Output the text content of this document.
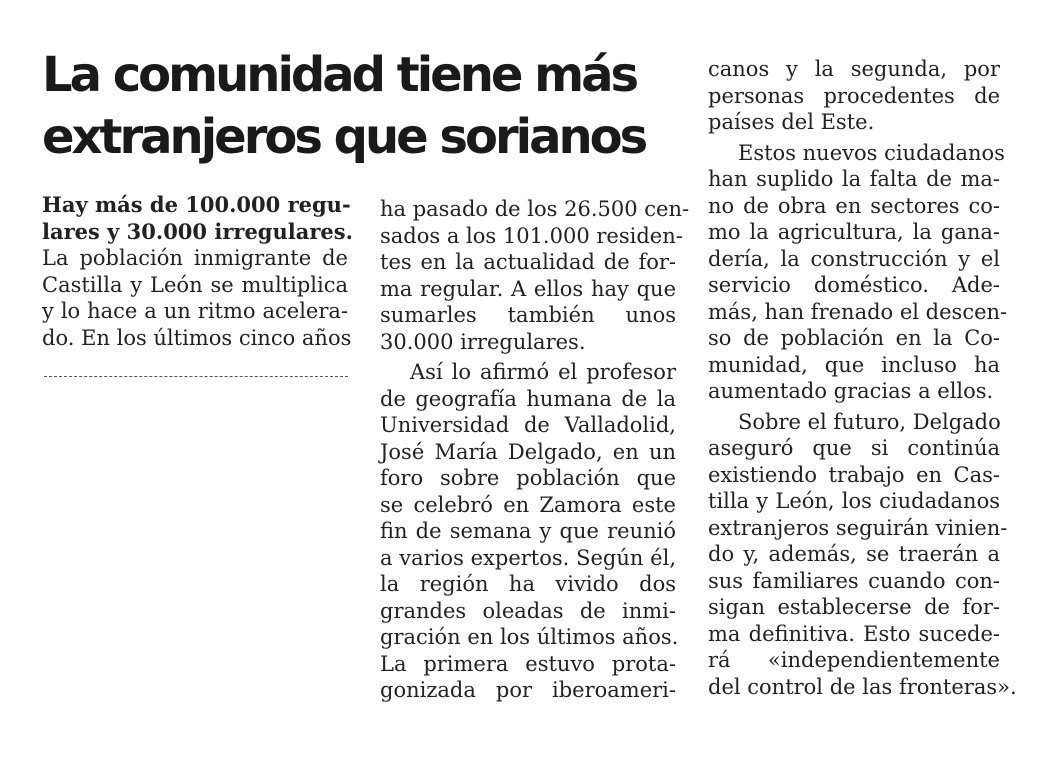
La comunidad tiene más
extranjeros que sorianos
Hay más de 100.000 regu-
lares y 30.000 irregulares.
La población inmigrante de
Castilla y León se multiplica
y lo hace a un ritmo acelera-
do. En los últimos cinco años
ha pasado de los 26.500 cen-
sados a los 101.000 residen-
tes en la actualidad de for-
ma regular. A ellos hay que
sumarles también unos
30.000 irregulares.
Así lo afirmó el profesor
de geografía humana de la
Universidad de Valladolid,
José María Delgado, en un
foro sobre población que
se celebró en Zamora este
fin de semana y que reunió
a varios expertos. Según él,
la región ha vivido dos
grandes oleadas de inmi-
gración en los últimos años.
La primera estuvo prota-
gonizada por iberoameri-
canos y la segunda, por
personas procedentes de
países del Este.
Estos nuevos ciudadanos
han suplido la falta de ma-
no de obra en sectores co-
mo la agricultura, la gana-
dería, la construcción y el
servicio doméstico. Ade-
más, han frenado el descen-
so de población en la Co-
munidad, que incluso ha
aumentado gracias a ellos.
Sobre el futuro, Delgado
aseguró que si continúa
existiendo trabajo en Cas-
tilla y León, los ciudadanos
extranjeros seguirán vinien-
do y, además, se traerán a
sus familiares cuando con-
sigan establecerse de for-
ma definitiva. Esto sucede-
rá «independientemente
del control de las fronteras».
